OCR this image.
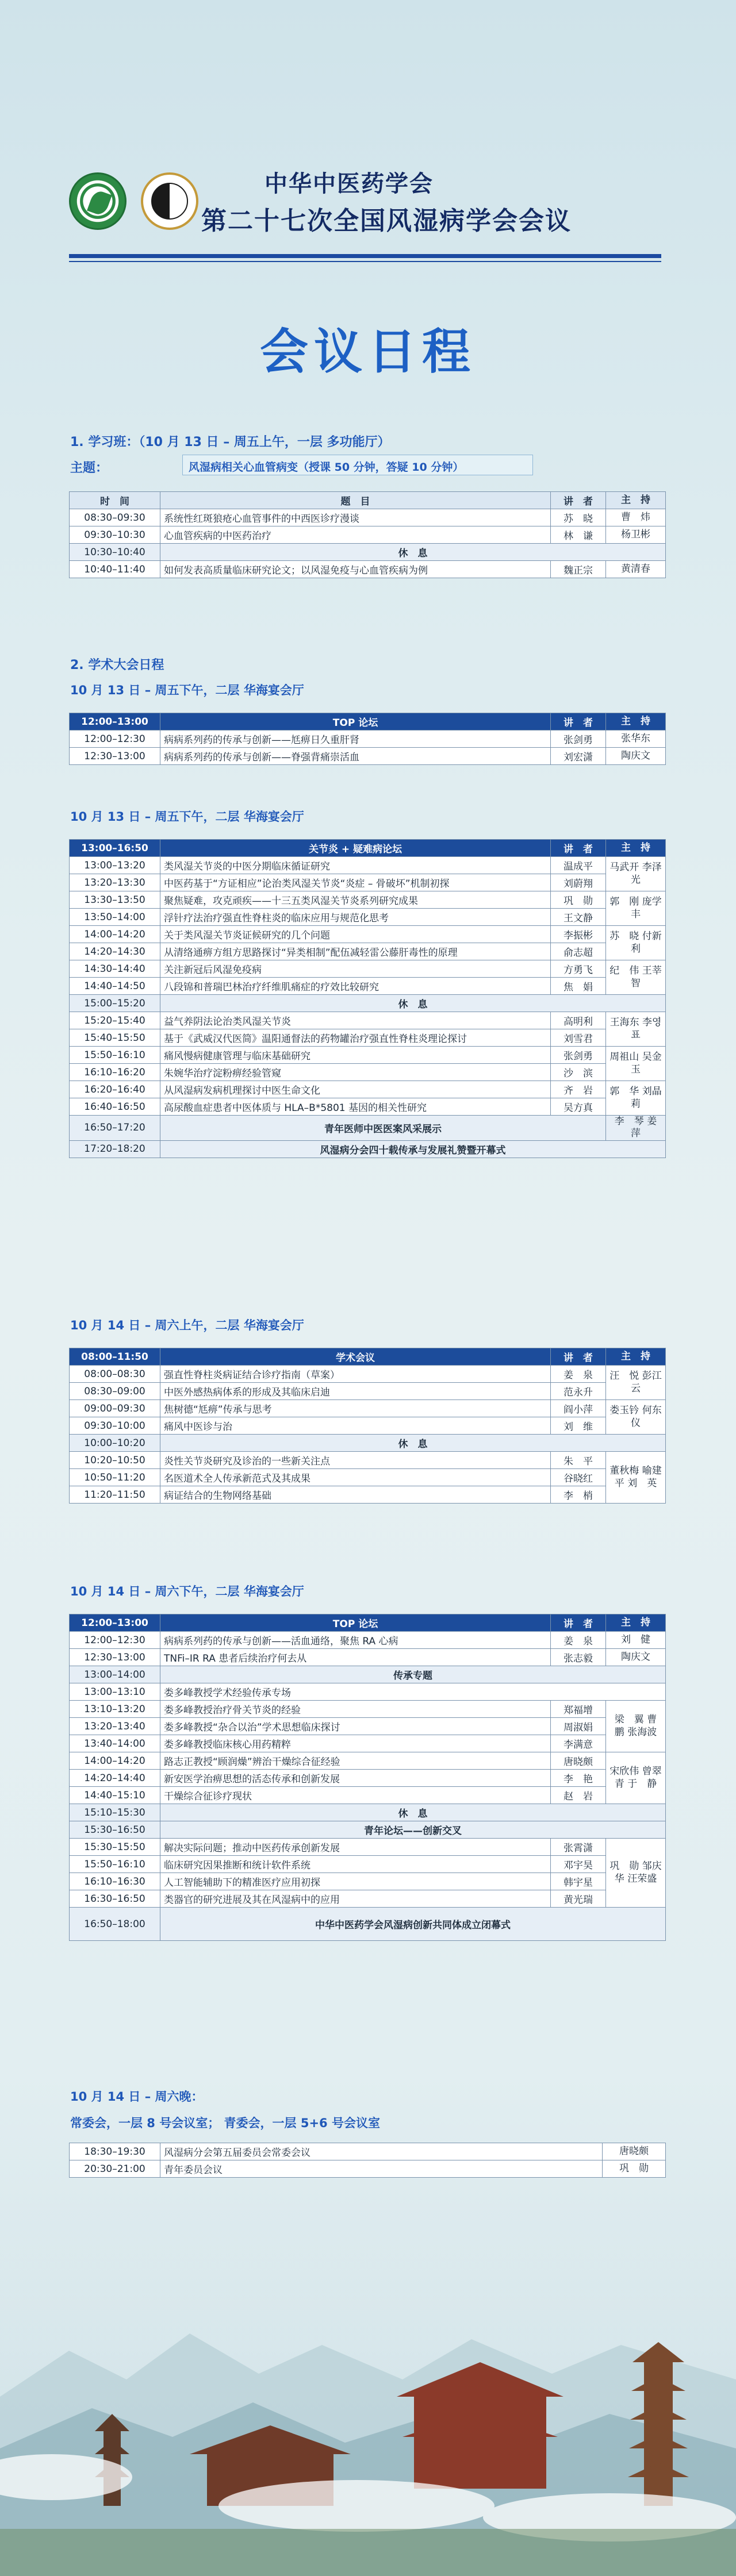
中华中医药学会
第二十七次全国风湿病学会会议
会议日程
1. 学习班：（10 月 13 日 – 周五上午，一层 多功能厅）
主题：	风湿病相关心血管病变（授课 50 分钟，答疑 10 分钟）
时　间	题　目	讲　者	主　持
08:30–09:30	系统性红斑狼疮心血管事件的中西医诊疗漫谈	苏　晓	曹　炜
09:30–10:30	心血管疾病的中医药治疗	林　谦	杨卫彬
10:30–10:40	休　息		
10:40–11:40	如何发表高质量临床研究论文；以风湿免疫与心血管疾病为例	魏正宗	黄清春
2. 学术大会日程
10 月 13 日 – 周五下午，二层 华海宴会厅
12:00–13:00	TOP 论坛	讲　者	主　持
12:00–12:30	病病系列药的传承与创新——尪痹日久重肝肾	张剑勇	张华东
12:30–13:00	病病系列药的传承与创新——脊强背痛崇活血	刘宏潇	陶庆文
10 月 13 日 – 周五下午，二层 华海宴会厅
13:00–16:50	关节炎 + 疑难病论坛	讲　者	主　持
13:00–13:20	类风湿关节炎的中医分期临床循证研究	温成平	马武开 李泽光
13:20–13:30	中医药基于“方证相应”论治类风湿关节炎“炎症 – 骨破坏”机制初探	刘蔚翔	
13:30–13:50	聚焦疑难，攻克顽疾——十三五类风湿关节炎系列研究成果	巩　勋	郭　刚 庞学丰
13:50–14:00	浮针疗法治疗强直性脊柱炎的临床应用与规范化思考	王文静	
14:00–14:20	关于类风湿关节炎证候研究的几个问题	李振彬	苏　晓 付新利
14:20–14:30	从清络通痹方组方思路探讨“异类相制”配伍减轻雷公藤肝毒性的原理	俞志超	
14:30–14:40	关注新冠后风湿免疫病	方勇飞	纪　伟 王莘智
14:40–14:50	八段锦和普瑞巴林治疗纤维肌痛症的疗效比较研究	焦　娟	
15:00–15:20	休　息		
15:20–15:40	益气养阴法论治类风湿关节炎	高明利	王海东 李영표
15:40–15:50	基于《武威汉代医简》温阳通督法的药物罐治疗强直性脊柱炎理论探讨	刘雪君	
15:50–16:10	痛风慢病健康管理与临床基础研究	张剑勇	周祖山 吴金玉
16:10–16:20	朱婉华治疗淀粉痹经验管窥	沙　滨	
16:20–16:40	从风湿病发病机理探讨中医生命文化	齐　岩	郭　华 刘晶莉
16:40–16:50	高尿酸血症患者中医体质与 HLA–B*5801 基因的相关性研究	吴方真	
16:50–17:20	青年医师中医医案风采展示		李　琴 姜　萍
17:20–18:20	风湿病分会四十载传承与发展礼赞暨开幕式		
10 月 14 日 – 周六上午，二层 华海宴会厅
08:00–11:50	学术会议	讲　者	主　持
08:00–08:30	强直性脊柱炎病证结合诊疗指南（草案）	姜　泉	汪　悦 彭江云
08:30–09:00	中医外感热病体系的形成及其临床启迪	范永升	
09:00–09:30	焦树德“尪痹”传承与思考	阎小萍	娄玉钤 何东仪
09:30–10:00	痛风中医诊与治	刘　维	
10:00–10:20	休　息		
10:20–10:50	炎性关节炎研究及诊治的一些新关注点	朱　平	董秋梅 喻建平 刘　英
10:50–11:20	名医道术全人传承新范式及其成果	谷晓红	
11:20–11:50	病证结合的生物网络基础	李　梢	
10 月 14 日 – 周六下午，二层 华海宴会厅
12:00–13:00	TOP 论坛	讲　者	主　持
12:00–12:30	病病系列药的传承与创新——活血通络，聚焦 RA 心病	姜　泉	刘　健
12:30–13:00	TNFi–IR RA 患者后续治疗何去从	张志毅	陶庆文
13:00–14:00	传承专题		
13:00–13:10	娄多峰教授学术经验传承专场		
13:10–13:20	娄多峰教授治疗骨关节炎的经验	郑福增	梁　翼 曹　鹏 张海波
13:20–13:40	娄多峰教授“杂合以治”学术思想临床探讨	周淑娟	
13:40–14:00	娄多峰教授临床核心用药精粹	李满意	
14:00–14:20	路志正教授“顾润燥”辨治干燥综合征经验	唐晓颇	宋欣伟 曾翠青 于　静
14:20–14:40	新安医学治痹思想的活态传承和创新发展	李　艳	
14:40–15:10	干燥综合征诊疗现状	赵　岩	
15:10–15:30	休　息		
15:30–16:50	青年论坛——创新交叉		
15:30–15:50	解决实际问题；推动中医药传承创新发展	张霄潇	巩　勋 邹庆华 汪荣盛
15:50–16:10	临床研究因果推断和统计软件系统	邓宇昊	
16:10–16:30	人工智能辅助下的精准医疗应用初探	韩宇星	
16:30–16:50	类器官的研究进展及其在风湿病中的应用	黄光瑞	
16:50–18:00	中华中医药学会风湿病创新共同体成立闭幕式		
10 月 14 日 – 周六晚：
常委会，一层 8 号会议室； 青委会，一层 5+6 号会议室
18:30–19:30	风湿病分会第五届委员会常委会议	唐晓颇
20:30–21:00	青年委员会议	巩　勋
